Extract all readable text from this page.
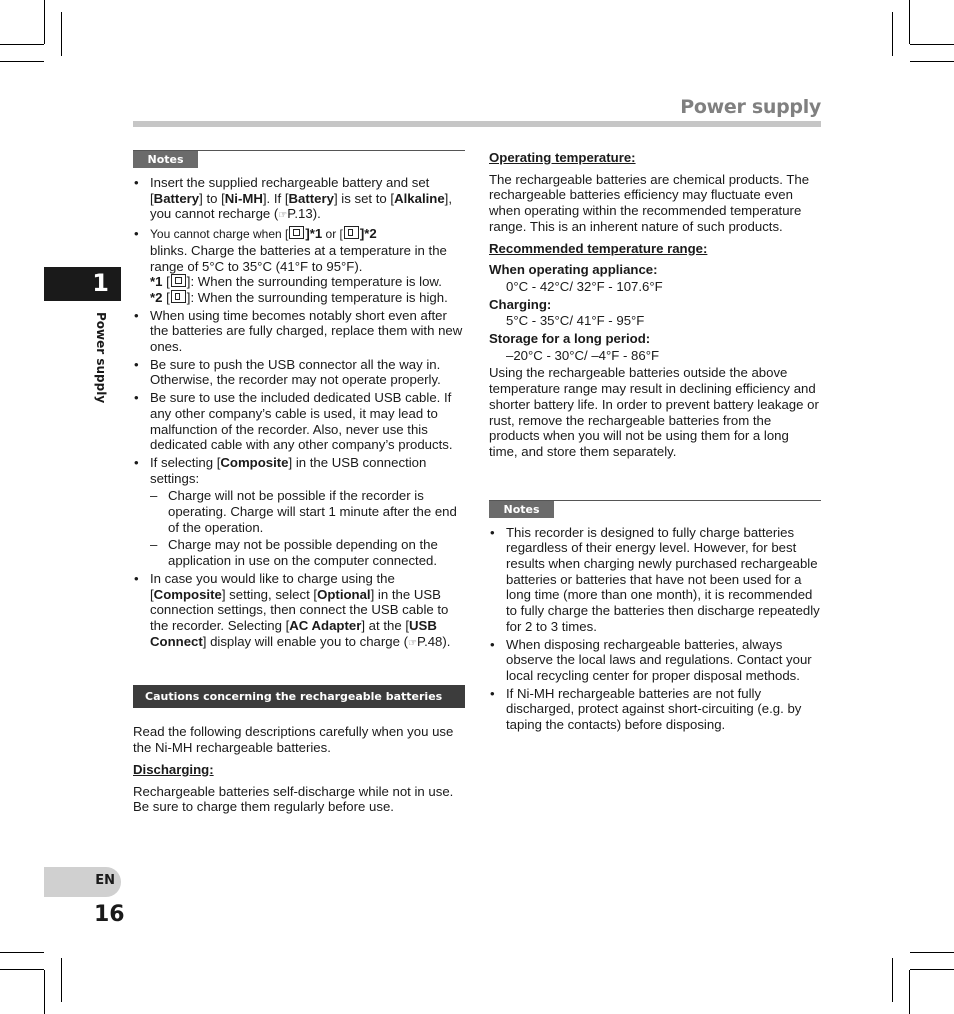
Power supply
1
Power supply
EN
16
Notes
• Insert the supplied rechargeable battery and set [Battery] to [Ni-MH]. If [Battery] is set to [Alkaline], you cannot recharge (☞P.13).
• You cannot charge when [ ]*1 or [ ]*2
blinks. Charge the batteries at a temperature in the range of 5°C to 35°C (41°F to 95°F).
*1 [ ]: When the surrounding temperature is low.
*2 [ ]: When the surrounding temperature is high.
• When using time becomes notably short even after the batteries are fully charged, replace them with new ones.
• Be sure to push the USB connector all the way in. Otherwise, the recorder may not operate properly.
• Be sure to use the included dedicated USB cable. If any other company’s cable is used, it may lead to malfunction of the recorder. Also, never use this dedicated cable with any other company’s products.
• If selecting [Composite] in the USB connection settings:
– Charge will not be possible if the recorder is operating. Charge will start 1 minute after the end of the operation.
– Charge may not be possible depending on the application in use on the computer connected.
• In case you would like to charge using the [Composite] setting, select [Optional] in the USB connection settings, then connect the USB cable to the recorder. Selecting [AC Adapter] at the [USB Connect] display will enable you to charge (☞P.48).
Cautions concerning the rechargeable batteries

Read the following descriptions carefully when you use the Ni-MH rechargeable batteries.

Discharging:

Rechargeable batteries self-discharge while not in use. Be sure to charge them regularly before use.

Operating temperature:

The rechargeable batteries are chemical products. The rechargeable batteries efficiency may fluctuate even when operating within the recommended temperature range. This is an inherent nature of such products.

Recommended temperature range:

When operating appliance:

0°C - 42°C/ 32°F - 107.6°F

Charging:

5°C - 35°C/ 41°F - 95°F

Storage for a long period:

–20°C - 30°C/ –4°F - 86°F

Using the rechargeable batteries outside the above temperature range may result in declining efficiency and shorter battery life. In order to prevent battery leakage or rust, remove the rechargeable batteries from the products when you will not be using them for a long time, and store them separately.

Notes
• This recorder is designed to fully charge batteries regardless of their energy level. However, for best results when charging newly purchased rechargeable batteries or batteries that have not been used for a long time (more than one month), it is recommended to fully charge the batteries then discharge repeatedly for 2 to 3 times.
• When disposing rechargeable batteries, always observe the local laws and regulations. Contact your local recycling center for proper disposal methods.
• If Ni-MH rechargeable batteries are not fully discharged, protect against short-circuiting (e.g. by taping the contacts) before disposing.
